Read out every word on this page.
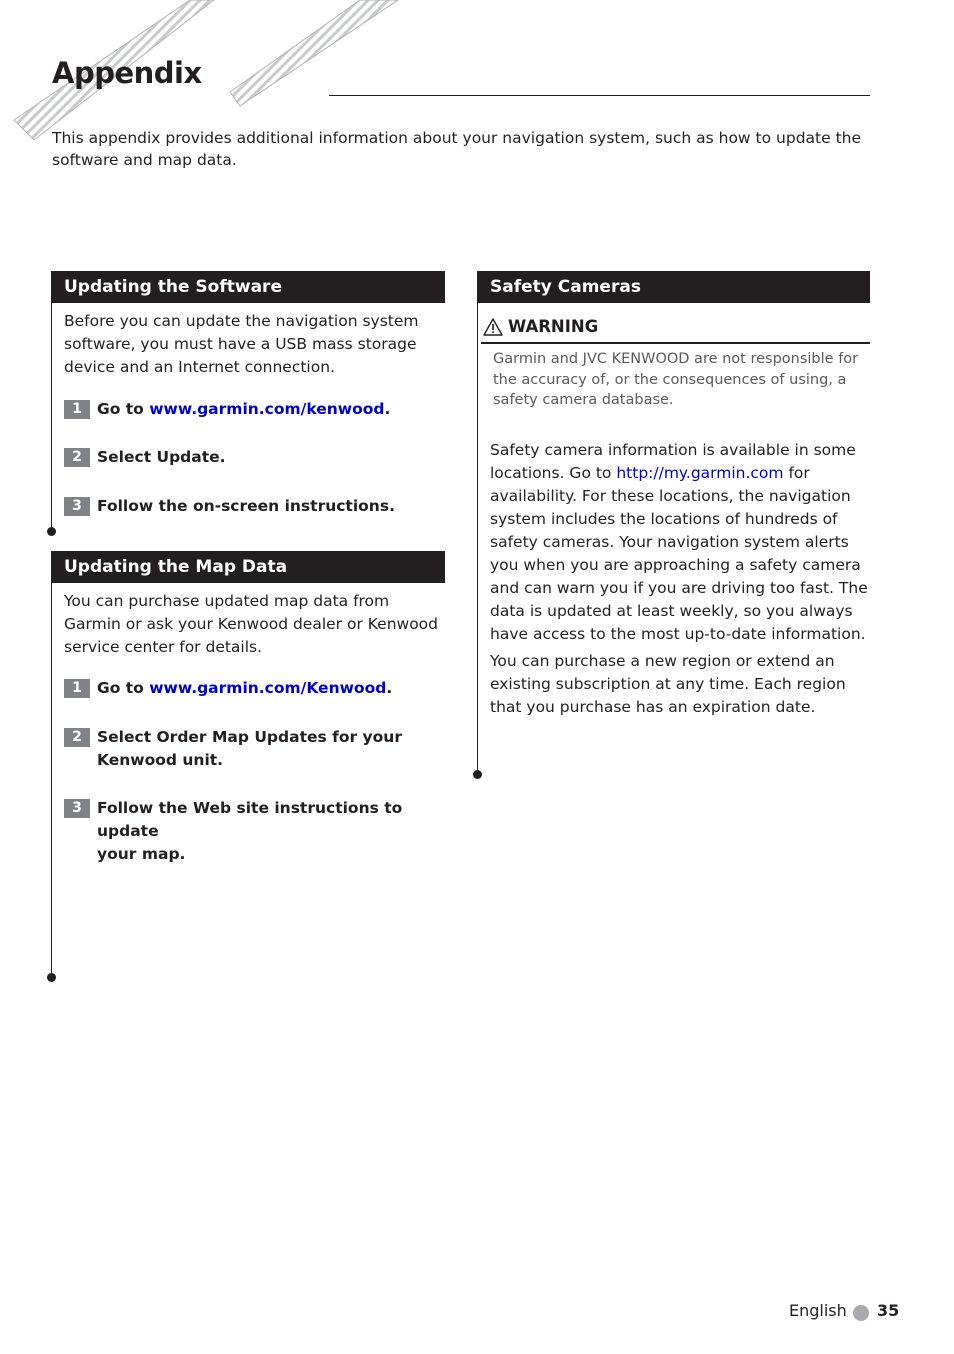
Appendix

This appendix provides additional information about your navigation system, such as how to update the software and map data.

Updating the Software

Before you can update the navigation system software, you must have a USB mass storage device and an Internet connection.

1 Go to www.garmin.com/kenwood.
2 Select Update.
3 Follow the on-screen instructions.
Updating the Map Data

You can purchase updated map data from Garmin or ask your Kenwood dealer or Kenwood service center for details.

1 Go to www.garmin.com/Kenwood.
2 Select Order Map Updates for your
Kenwood unit.
3 Follow the Web site instructions to update
your map.
Safety Cameras
WARNING

Garmin and JVC KENWOOD are not responsible for the accuracy of, or the consequences of using, a safety camera database.

Safety camera information is available in some locations. Go to http://my.garmin.com for availability. For these locations, the navigation system includes the locations of hundreds of safety cameras. Your navigation system alerts you when you are approaching a safety camera and can warn you if you are driving too fast. The data is updated at least weekly, so you always have access to the most up-to-date information.

You can purchase a new region or extend an existing subscription at any time. Each region that you purchase has an expiration date.

English 35
